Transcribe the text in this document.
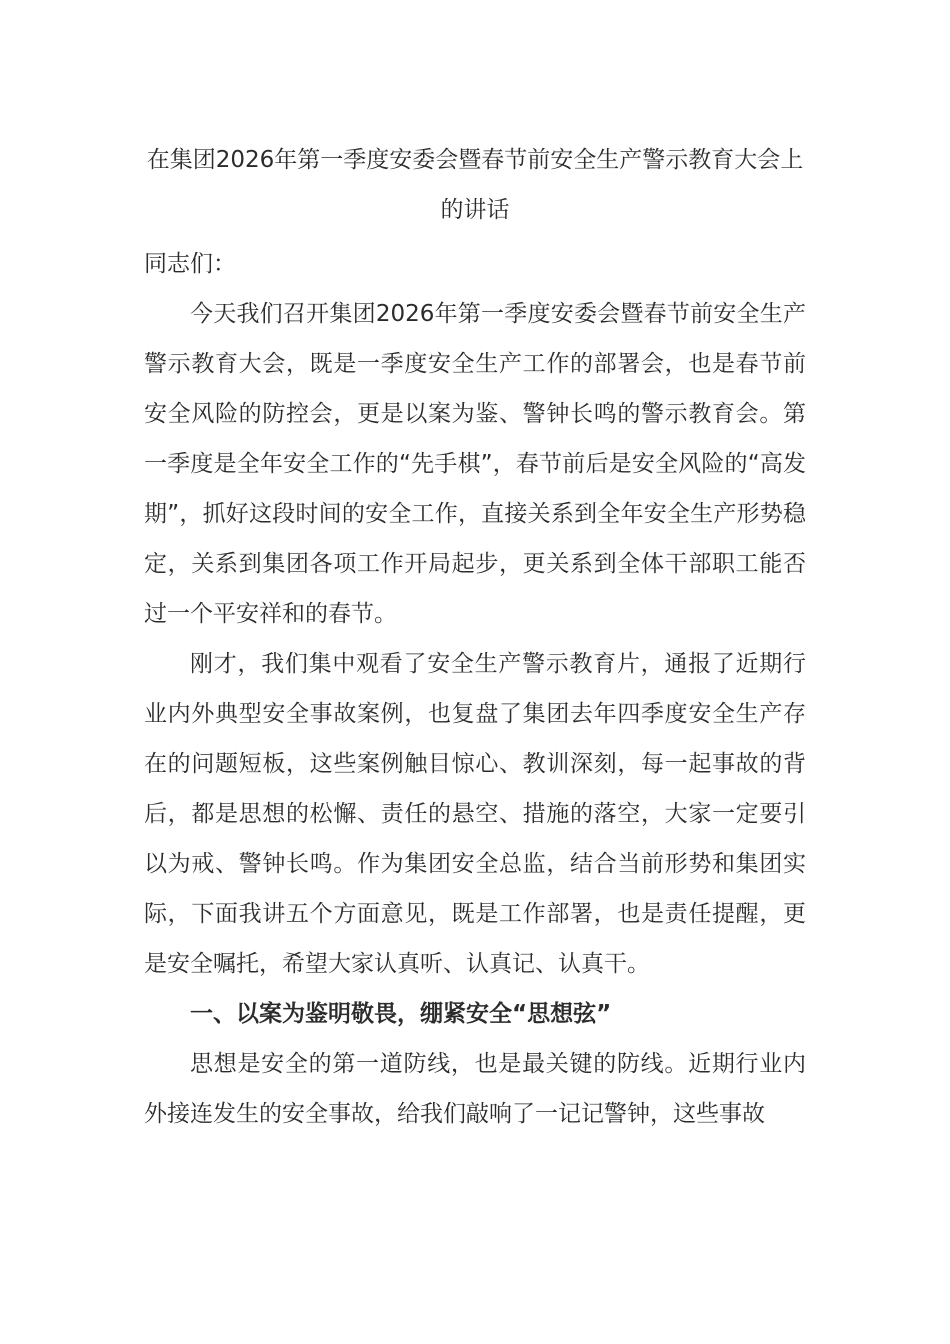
在集团2026年第一季度安委会暨春节前安全生产警示教育大会上的讲话

同志们：

今天我们召开集团2026年第一季度安委会暨春节前安全生产警示教育大会，既是一季度安全生产工作的部署会，也是春节前安全风险的防控会，更是以案为鉴、警钟长鸣的警示教育会。第一季度是全年安全工作的“先手棋”，春节前后是安全风险的“高发期”，抓好这段时间的安全工作，直接关系到全年安全生产形势稳定，关系到集团各项工作开局起步，更关系到全体干部职工能否过一个平安祥和的春节。

刚才，我们集中观看了安全生产警示教育片，通报了近期行业内外典型安全事故案例，也复盘了集团去年四季度安全生产存在的问题短板，这些案例触目惊心、教训深刻，每一起事故的背后，都是思想的松懈、责任的悬空、措施的落空，大家一定要引以为戒、警钟长鸣。作为集团安全总监，结合当前形势和集团实际，下面我讲五个方面意见，既是工作部署，也是责任提醒，更是安全嘱托，希望大家认真听、认真记、认真干。

一、以案为鉴明敬畏，绷紧安全“思想弦”

思想是安全的第一道防线，也是最关键的防线。近期行业内外接连发生的安全事故，给我们敲响了一记记警钟，这些事故
